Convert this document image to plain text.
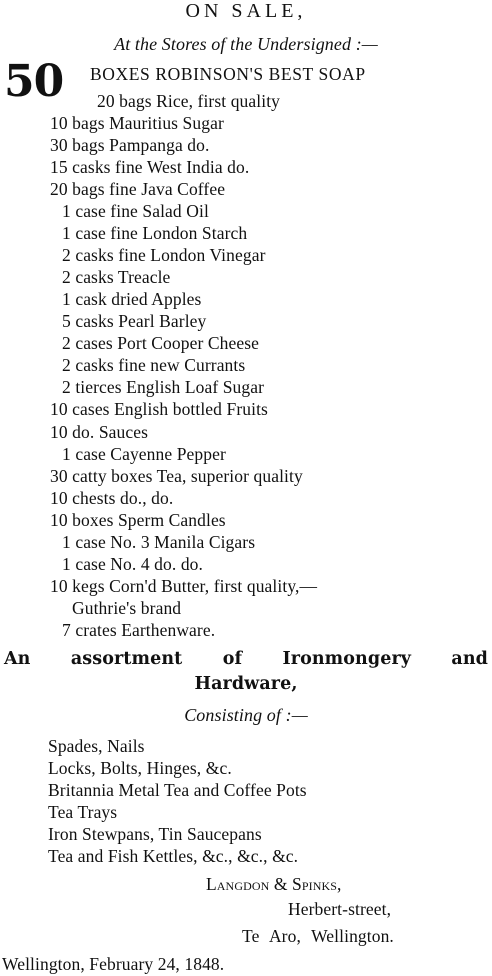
ON SALE,
At the Stores of the Undersigned :—
50 BOXES ROBINSON'S BEST SOAP
20 bags Rice, first quality
10 bags Mauritius Sugar
30 bags Pampanga do.
15 casks fine West India do.
20 bags fine Java Coffee
1 case fine Salad Oil
1 case fine London Starch
2 casks fine London Vinegar
2 casks Treacle
1 cask dried Apples
5 casks Pearl Barley
2 cases Port Cooper Cheese
2 casks fine new Currants
2 tierces English Loaf Sugar
10 cases English bottled Fruits
10 do. Sauces
1 case Cayenne Pepper
30 catty boxes Tea, superior quality
10 chests do., do.
10 boxes Sperm Candles
1 case No. 3 Manila Cigars
1 case No. 4 do. do.
10 kegs Corn'd Butter, first quality,—
Guthrie's brand
7 crates Earthenware.
An assortment of Ironmongery and
Hardware,
Consisting of :—
Spades, Nails
Locks, Bolts, Hinges, &c.
Britannia Metal Tea and Coffee Pots
Tea Trays
Iron Stewpans, Tin Saucepans
Tea and Fish Kettles, &c., &c., &c.
Langdon & Spinks,
Herbert-street,
Te Aro, Wellington.
Wellington, February 24, 1848.
